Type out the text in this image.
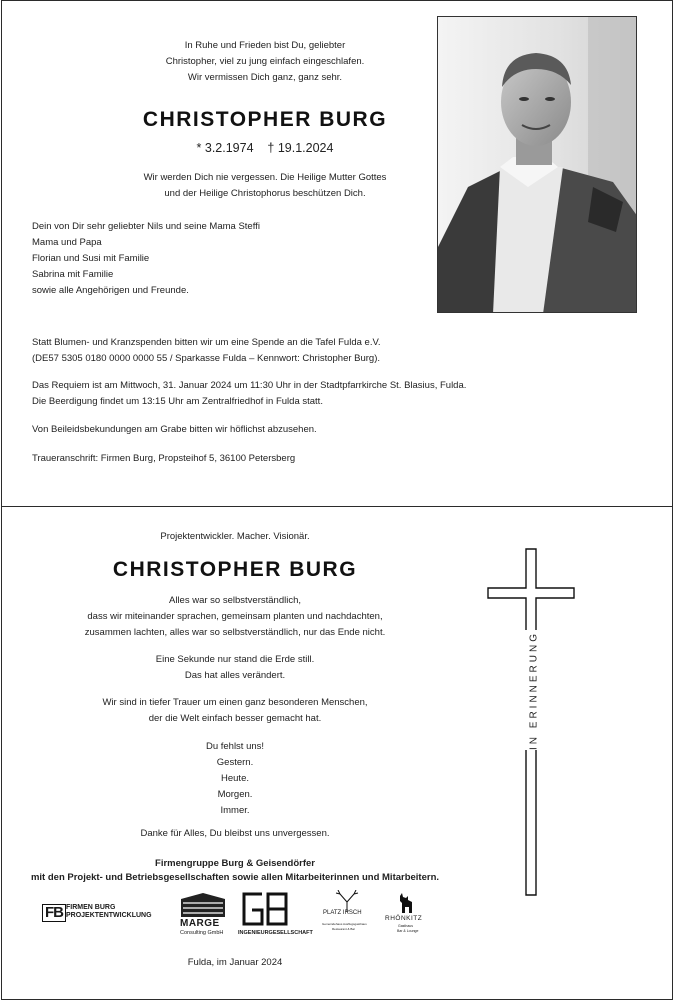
In Ruhe und Frieden bist Du, geliebter
Christopher, viel zu jung einfach eingeschlafen.
Wir vermissen Dich ganz, ganz sehr.
CHRISTOPHER BURG
* 3.2.1974    † 19.1.2024
Wir werden Dich nie vergessen. Die Heilige Mutter Gottes
und der Heilige Christophorus beschützen Dich.
Dein von Dir sehr geliebter Nils und seine Mama Steffi
Mama und Papa
Florian und Susi mit Familie
Sabrina mit Familie
sowie alle Angehörigen und Freunde.
Statt Blumen- und Kranzspenden bitten wir um eine Spende an die Tafel Fulda e.V.
(DE57 5305 0180 0000 0000 55 / Sparkasse Fulda – Kennwort: Christopher Burg).
Das Requiem ist am Mittwoch, 31. Januar 2024 um 11:30 Uhr in der Stadtpfarrkirche St. Blasius, Fulda.
Die Beerdigung findet um 13:15 Uhr am Zentralfriedhof in Fulda statt.
Von Beileidsbekundungen am Grabe bitten wir höflichst abzusehen.
Traueranschrift: Firmen Burg, Propsteihof 5, 36100 Petersberg
Projektentwickler. Macher. Visionär.
CHRISTOPHER BURG
Alles war so selbstverständlich,
dass wir miteinander sprachen, gemeinsam planten und nachdachten,
zusammen lachten, alles war so selbstverständlich, nur das Ende nicht.
Eine Sekunde nur stand die Erde still.
Das hat alles verändert.
Wir sind in tiefer Trauer um einen ganz besonderen Menschen,
der die Welt einfach besser gemacht hat.
Du fehlst uns!
Gestern.
Heute.
Morgen.
Immer.
Danke für Alles, Du bleibst uns unvergessen.
Firmengruppe Burg & Geisendörfer
mit den Projekt- und Betriebsgesellschaften sowie allen Mitarbeiterinnen und Mitarbeitern.
IN ERINNERUNG
FB FIRMEN BURG
PROJEKTENTWICKLUNG
MARGE
Consulting GmbH	INGENIEURGESELLSCHAFT
PLATZ IRSCH
Gemeindehaus Ausflugsgasthaus
Restaurant & Bar
RHÖNKITZ
Gasthaus
Bar & Lounge
Fulda, im Januar 2024
